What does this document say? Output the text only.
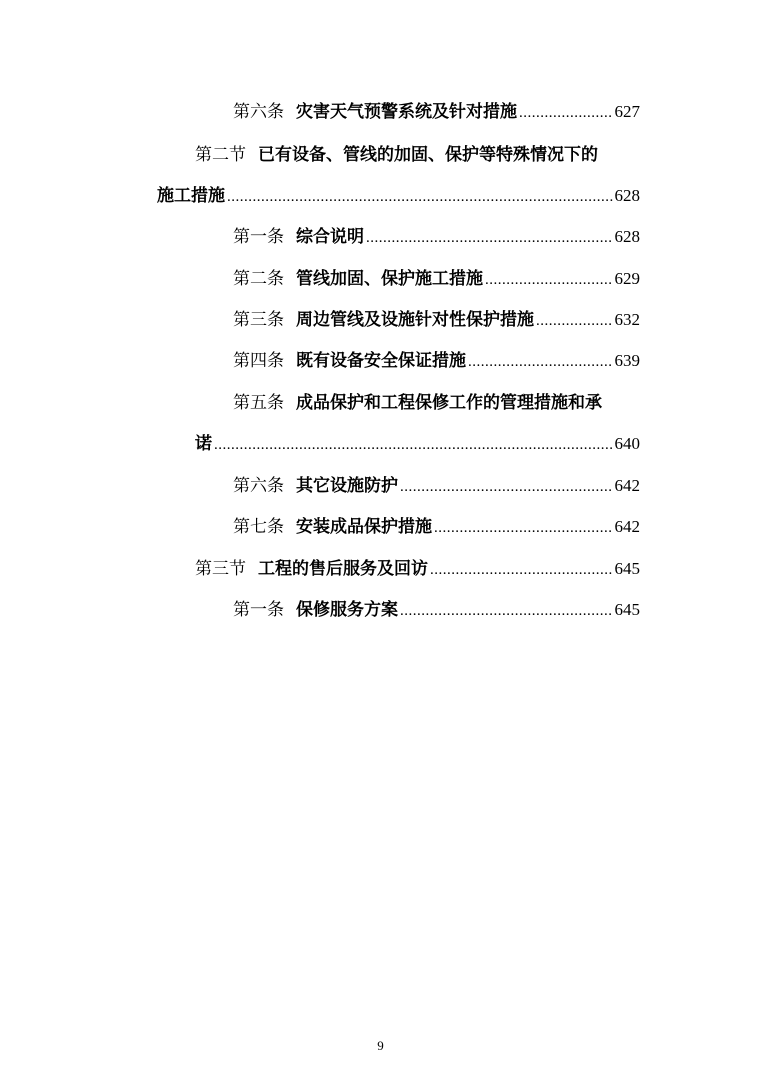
第六条 灾害天气预警系统及针对措施 .....	627
第二节 已有设备、管线的加固、保护等特殊情况下的
施工措施 .....	628
第一条 综合说明 .....	628
第二条 管线加固、保护施工措施 .....	629
第三条 周边管线及设施针对性保护措施 .....	632
第四条 既有设备安全保证措施 .....	639
第五条 成品保护和工程保修工作的管理措施和承
诺 .....	640
第六条 其它设施防护 .....	642
第七条 安装成品保护措施 .....	642
第三节 工程的售后服务及回访 .....	645
第一条 保修服务方案 .....	645
9
